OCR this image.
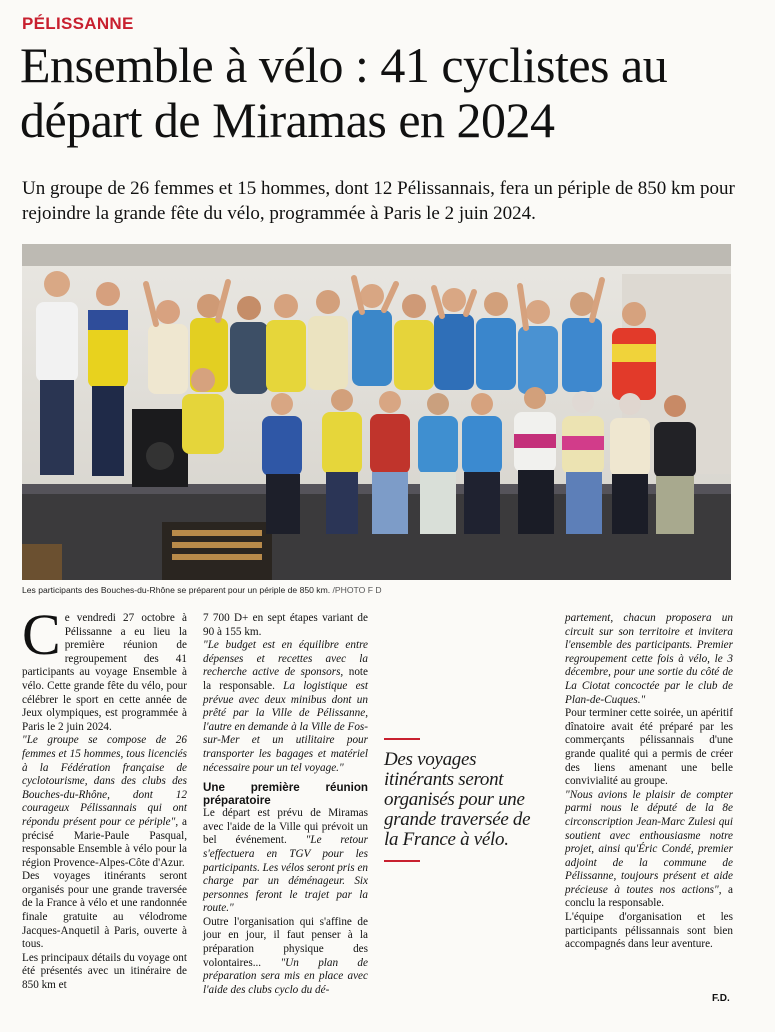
PÉLISSANNE
Ensemble à vélo : 41 cyclistes au départ de Miramas en 2024

Un groupe de 26 femmes et 15 hommes, dont 12 Pélissannais, fera un périple de 850 km pour rejoindre la grande fête du vélo, programmée à Paris le 2 juin 2024.

Les participants des Bouches-du-Rhône se préparent pour un périple de 850 km. /PHOTO F D

Ce vendredi 27 octobre à Pélissanne a eu lieu la première réunion de regroupement des 41 participants au voyage Ensemble à vélo. Cette grande fête du vélo, pour célébrer le sport en cette année de Jeux olympiques, est programmée à Paris le 2 juin 2024.

"Le groupe se compose de 26 femmes et 15 hommes, tous licenciés à la Fédération française de cyclotourisme, dans des clubs des Bouches-du-Rhône, dont 12 courageux Pélissannais qui ont répondu présent pour ce périple", a précisé Marie-Paule Pasqual, responsable Ensemble à vélo pour la région Provence-Alpes-Côte d'Azur.

Des voyages itinérants seront organisés pour une grande traversée de la France à vélo et une randonnée finale gratuite au vélodrome Jacques-Anquetil à Paris, ouverte à tous.

Les principaux détails du voyage ont été présentés avec un itinéraire de 850 km et

7 700 D+ en sept étapes variant de 90 à 155 km.

"Le budget est en équilibre entre dépenses et recettes avec la recherche active de sponsors, note la responsable. La logistique est prévue avec deux minibus dont un prêté par la Ville de Pélissanne, l'autre en demande à la Ville de Fos-sur-Mer et un utilitaire pour transporter les bagages et matériel nécessaire pour un tel voyage."

Une première réunion préparatoire

Le départ est prévu de Miramas avec l'aide de la Ville qui prévoit un bel événement. "Le retour s'effectuera en TGV pour les participants. Les vélos seront pris en charge par un déménageur. Six personnes feront le trajet par la route."

Outre l'organisation qui s'affine de jour en jour, il faut penser à la préparation physique des volontaires... "Un plan de préparation sera mis en place avec l'aide des clubs cyclo du dé-

Des voyages itinérants seront organisés pour une grande traversée de la France à vélo.

partement, chacun proposera un circuit sur son territoire et invitera l'ensemble des participants. Premier regroupement cette fois à vélo, le 3 décembre, pour une sortie du côté de La Ciotat concoctée par le club de Plan-de-Cuques."

Pour terminer cette soirée, un apéritif dînatoire avait été préparé par les commerçants pélissannais d'une grande qualité qui a permis de créer des liens amenant une belle convivialité au groupe.

"Nous avions le plaisir de compter parmi nous le député de la 8e circonscription Jean-Marc Zulesi qui soutient avec enthousiasme notre projet, ainsi qu'Éric Condé, premier adjoint de la commune de Pélissanne, toujours présent et aide précieuse à toutes nos actions", a conclu la responsable.

L'équipe d'organisation et les participants pélissannais sont bien accompagnés dans leur aventure.

F.D.
